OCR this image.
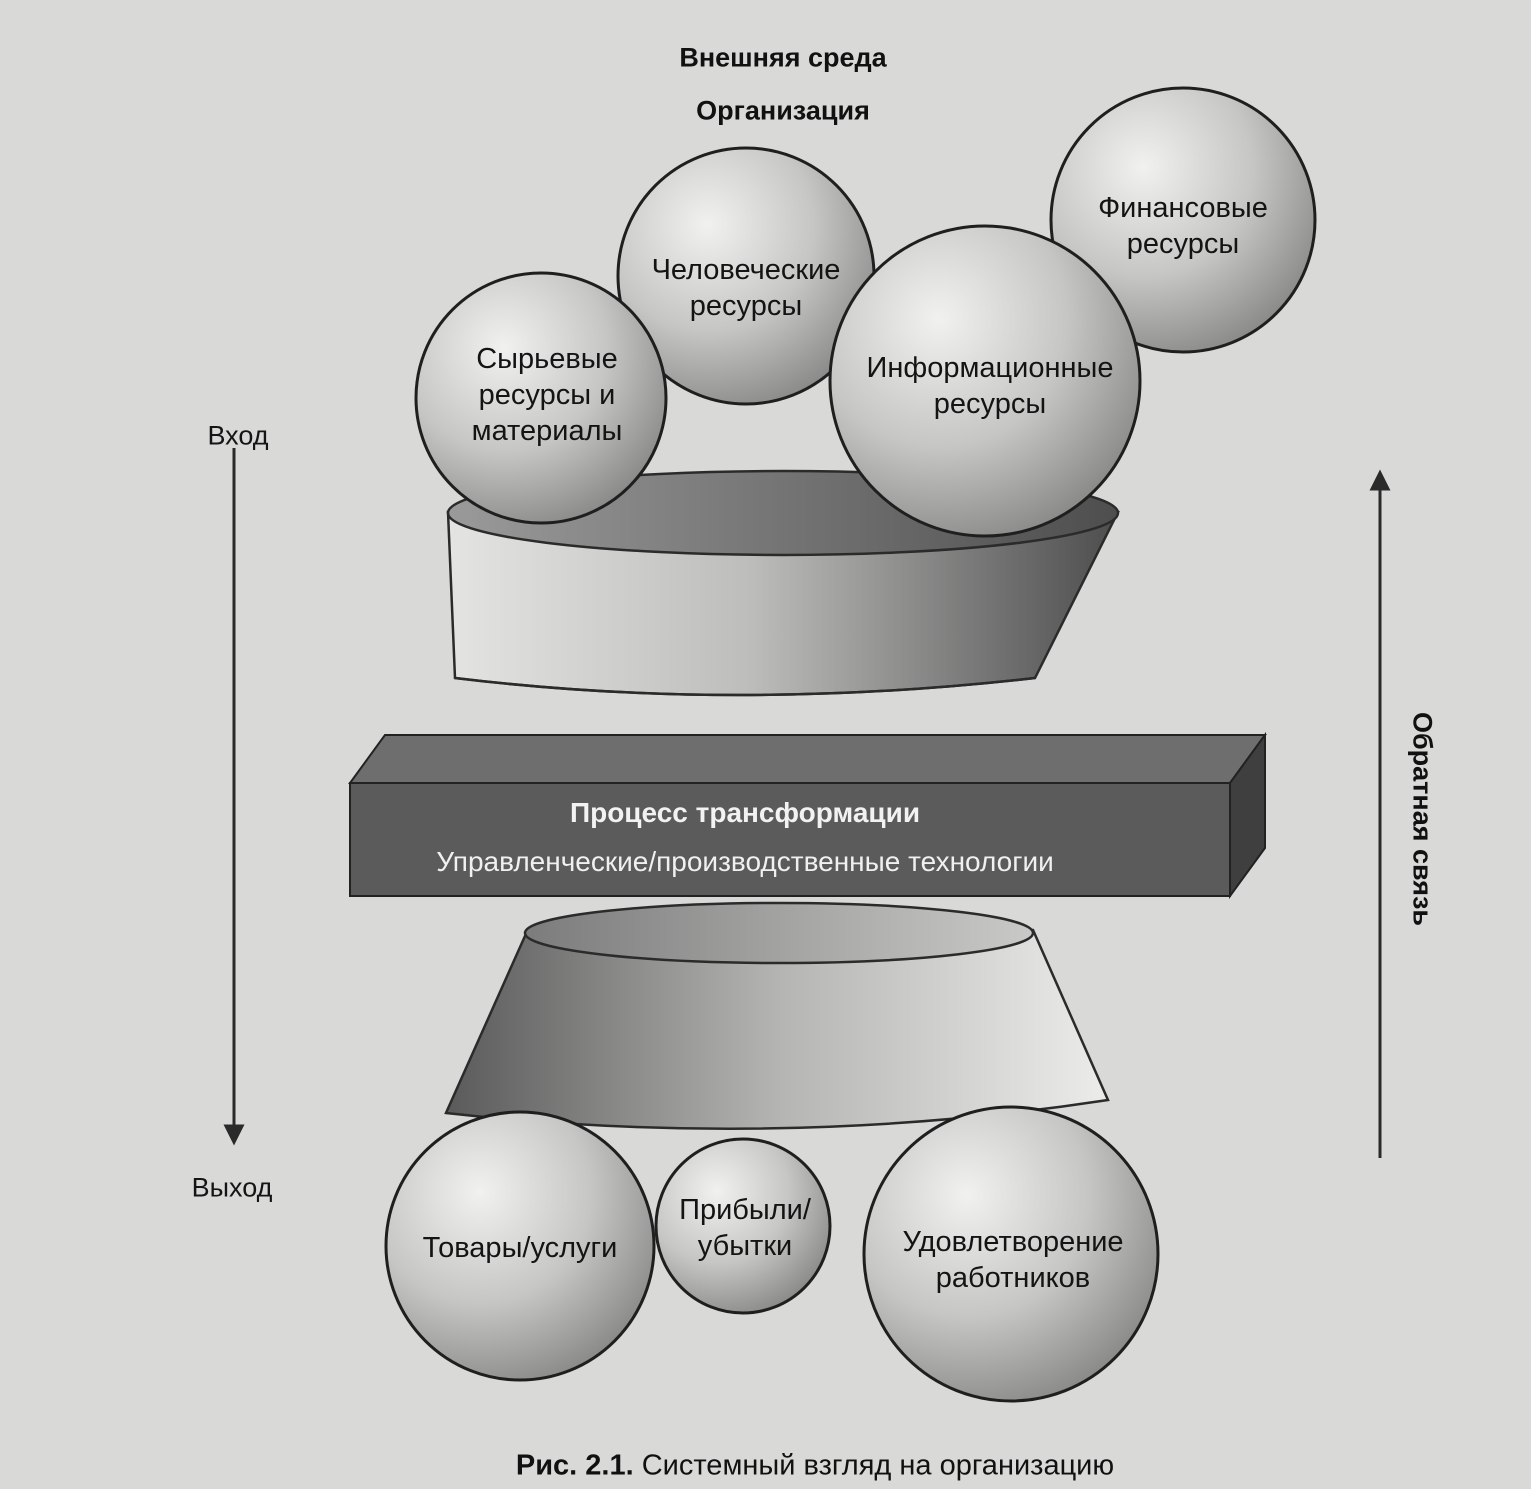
Внешняя среда
Организация
Сырьевые
ресурсы и
материалы
Человеческие
ресурсы
Информационные
ресурсы
Финансовые
ресурсы
Вход
Выход
Обратная связь
Процесс трансформации
Управленческие/производственные технологии
Товары/услуги
Прибыли/
убытки	Удовлетворение
работников
Рис. 2.1. Системный взгляд на организацию
